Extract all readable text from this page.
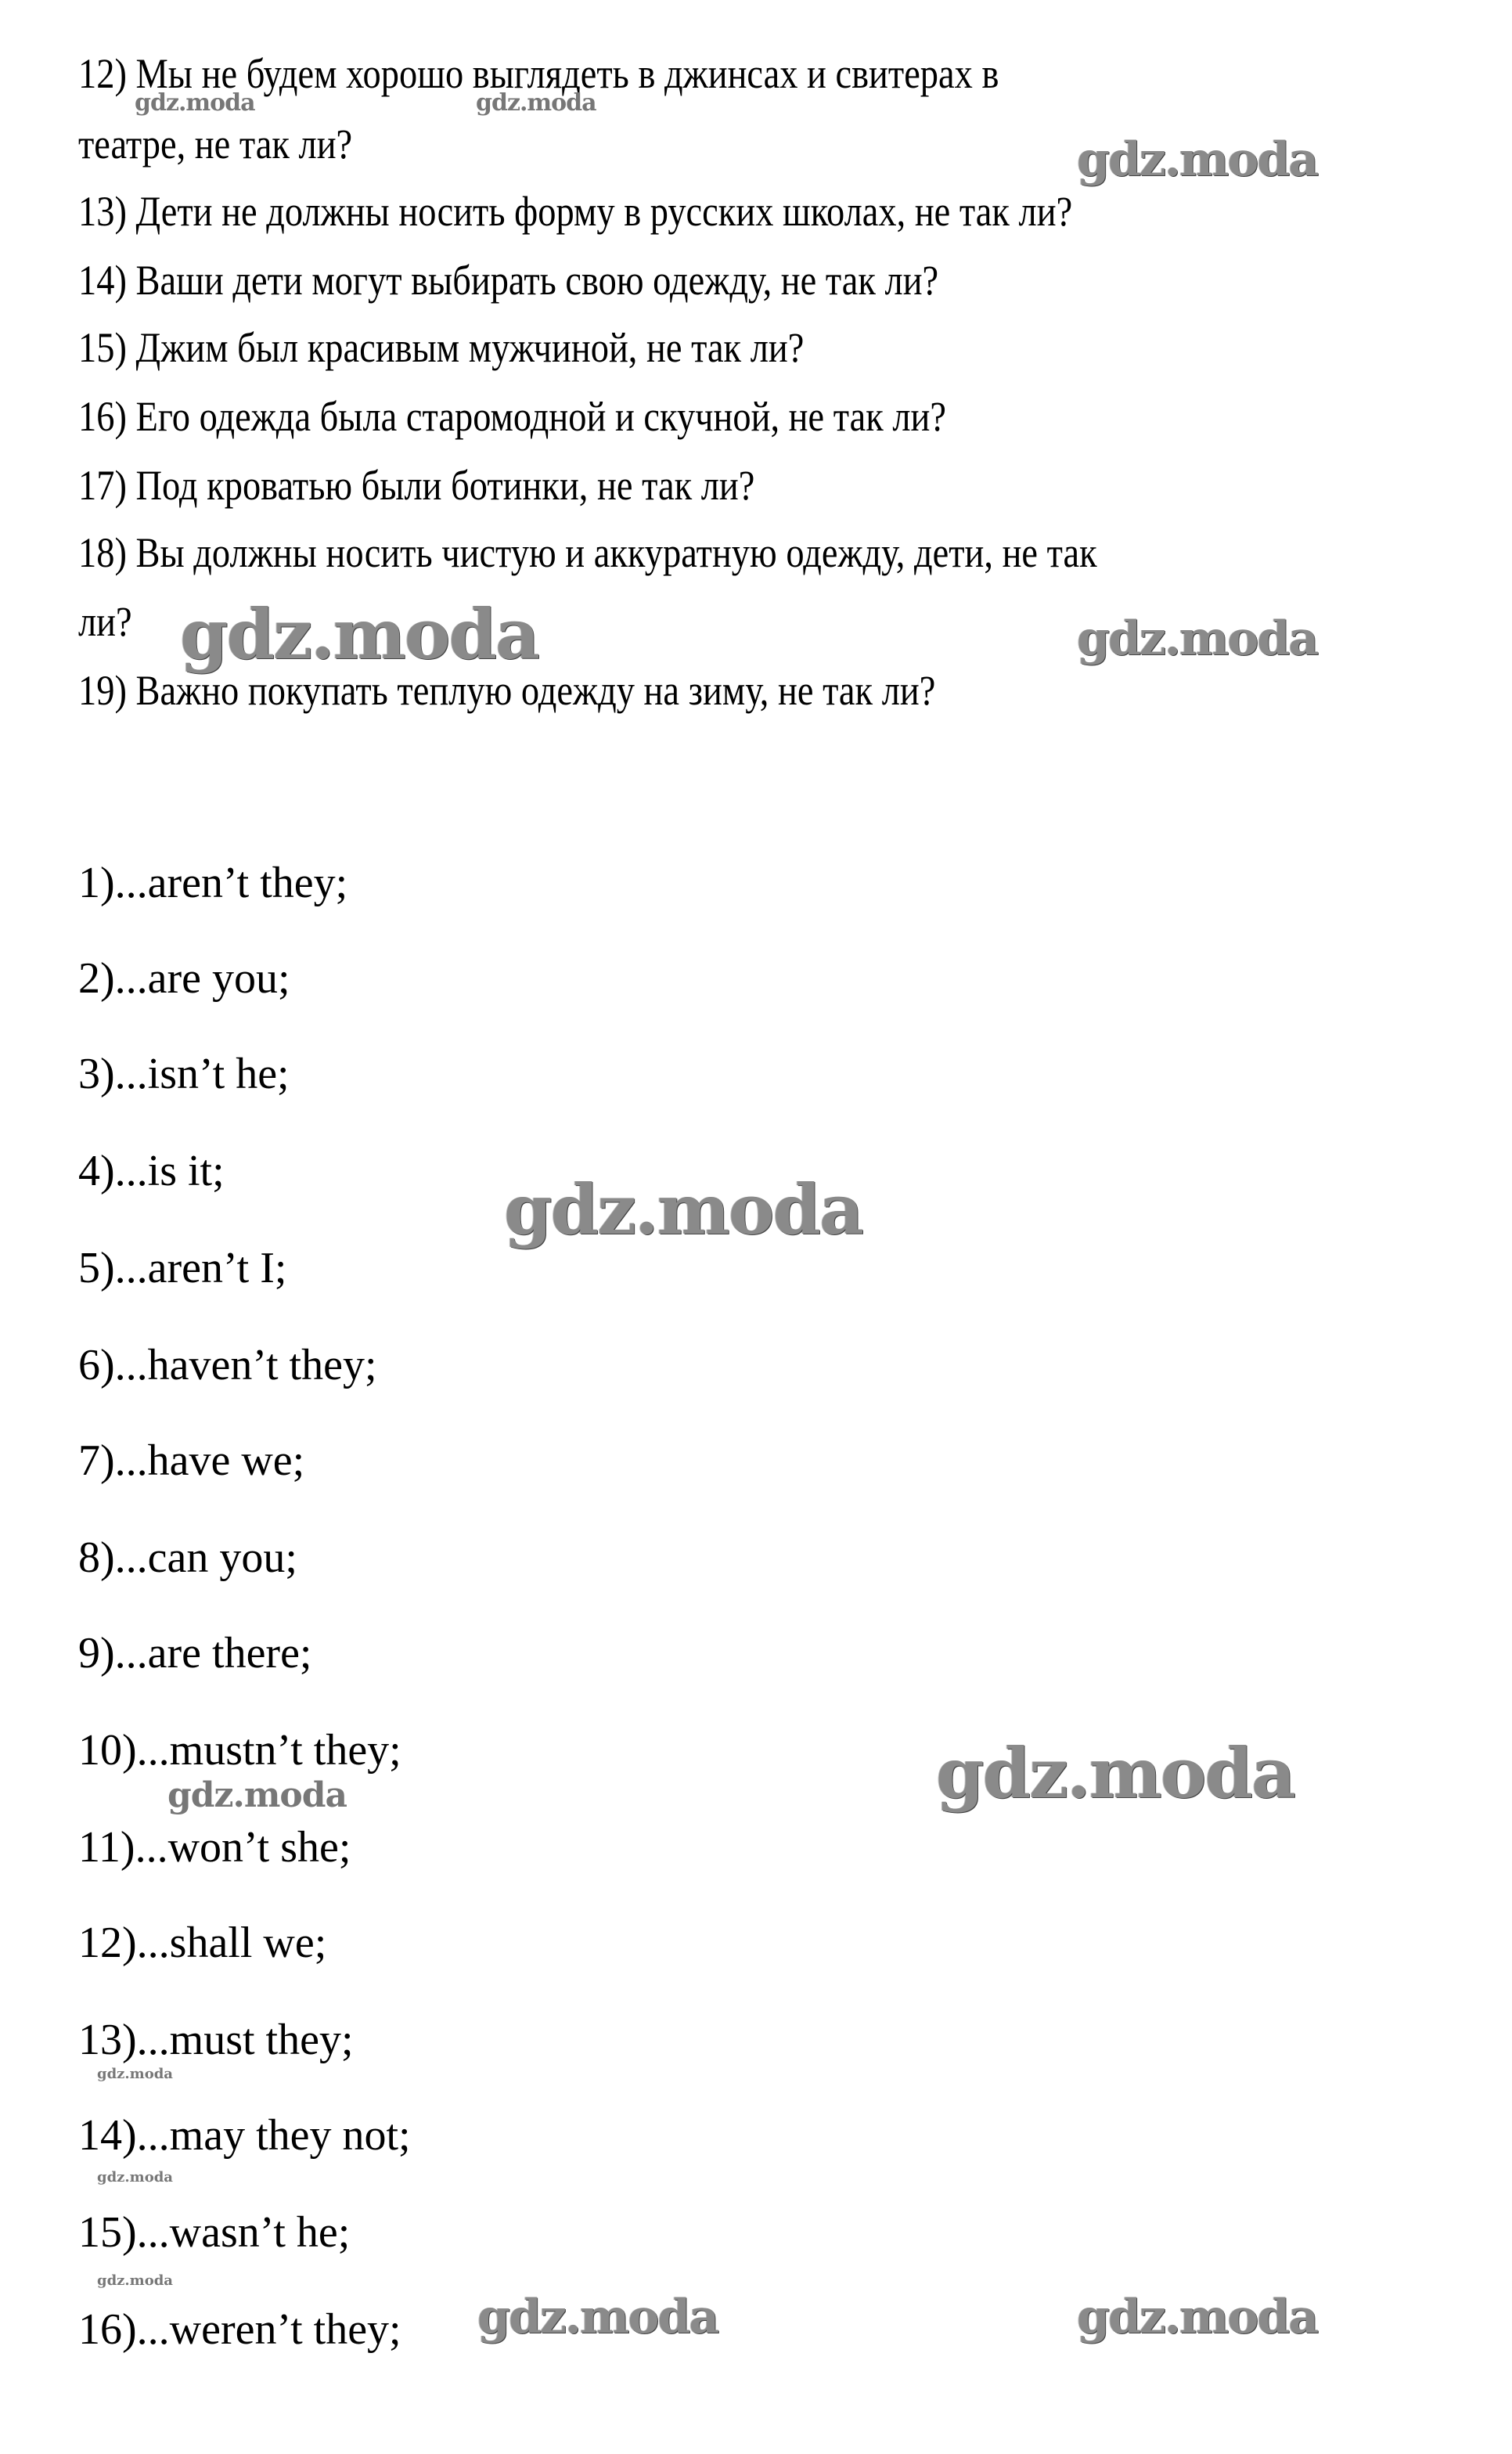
12) Мы не будем хорошо выглядеть в джинсах и свитерах в
театре, не так ли?
13) Дети не должны носить форму в русских школах, не так ли?
14) Ваши дети могут выбирать свою одежду, не так ли?
15) Джим был красивым мужчиной, не так ли?
16) Его одежда была старомодной и скучной, не так ли?
17) Под кроватью были ботинки, не так ли?
18) Вы должны носить чистую и аккуратную одежду, дети, не так
ли?
19) Важно покупать теплую одежду на зиму, не так ли?
1)...aren’t they;
2)...are you;
3)...isn’t he;
4)...is it;
5)...aren’t I;
6)...haven’t they;
7)...have we;
8)...can you;
9)...are there;
10)...mustn’t they;
11)...won’t she;
12)...shall we;
13)...must they;
14)...may they not;
15)...wasn’t he;
16)...weren’t they;
gdz.moda	gdz.moda
gdz.moda
gdz.moda	gdz.moda
gdz.moda
gdz.moda
gdz.moda
gdz.moda
gdz.moda
gdz.moda
gdz.moda	gdz.moda
